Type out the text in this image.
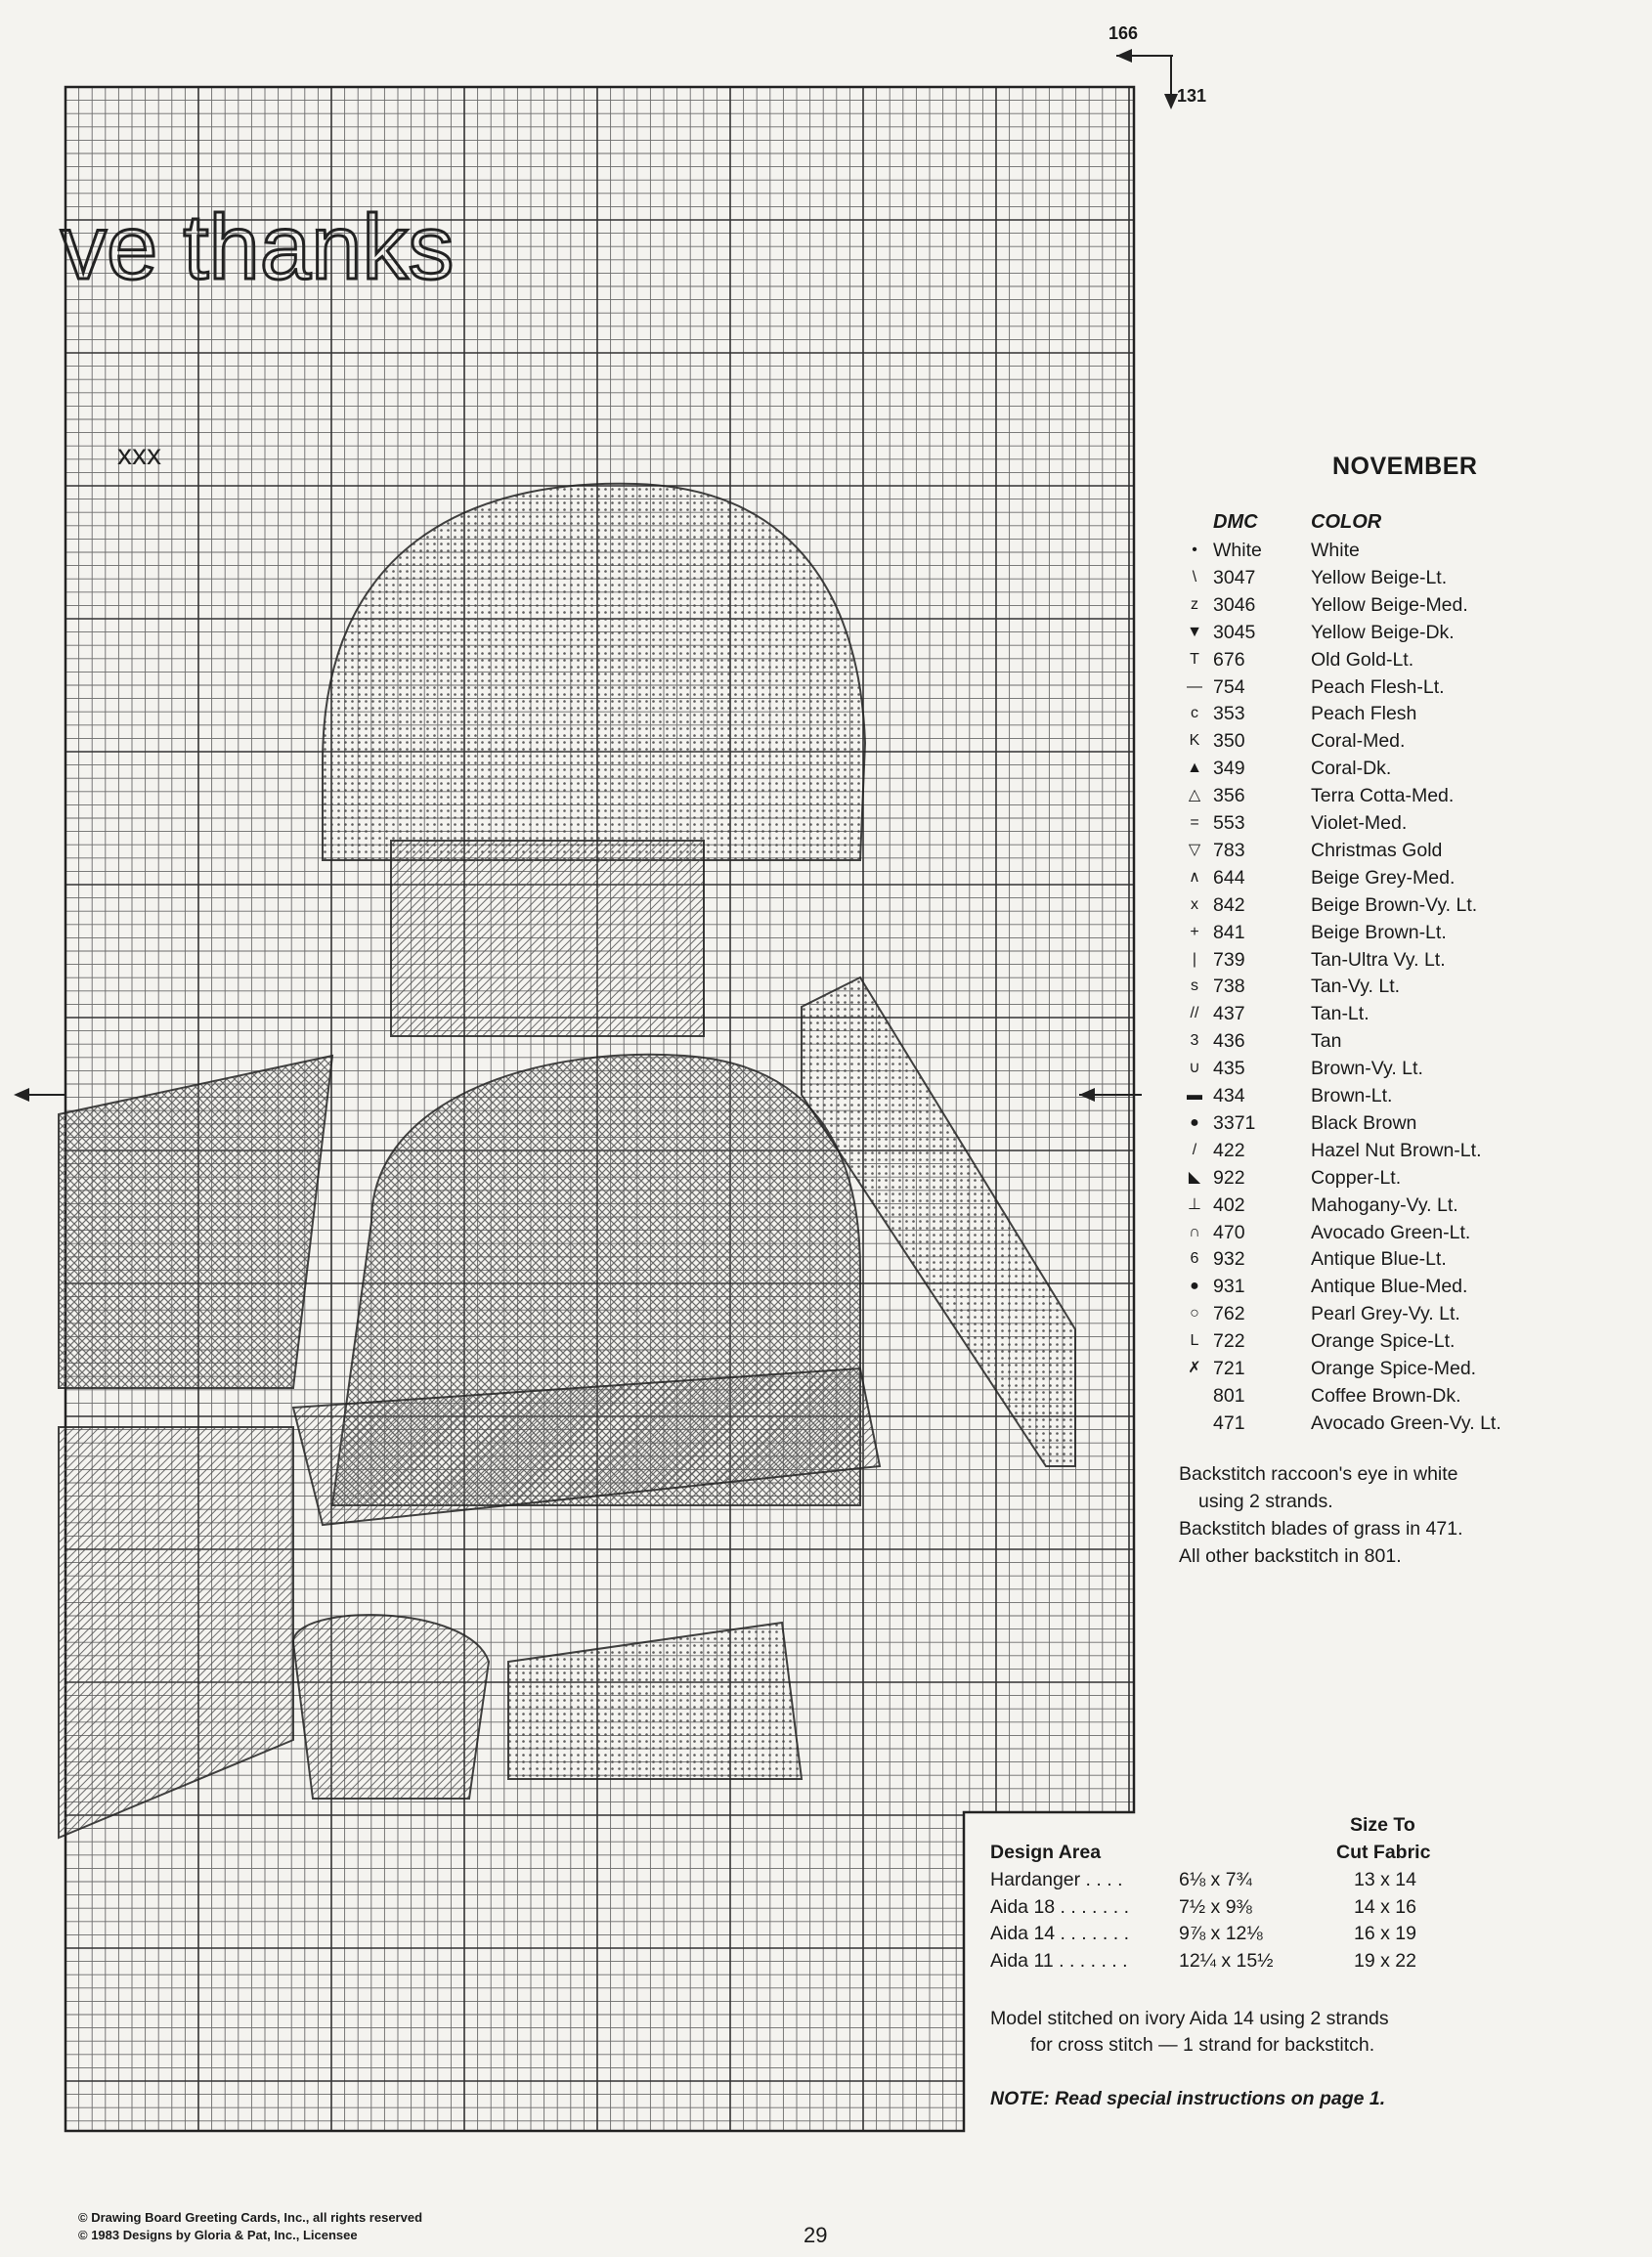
ve thanks
xxx
166
131
NOVEMBER
DMC	COLOR
• White	White
\ 3047	Yellow Beige-Lt.
z 3046	Yellow Beige-Med.
▼ 3045	Yellow Beige-Dk.
T 676	Old Gold-Lt.
— 754	Peach Flesh-Lt.
c 353	Peach Flesh
K 350	Coral-Med.
▲ 349	Coral-Dk.
△ 356	Terra Cotta-Med.
= 553	Violet-Med.
▽ 783	Christmas Gold
∧ 644	Beige Grey-Med.
x 842	Beige Brown-Vy. Lt.
+ 841	Beige Brown-Lt.
| 739	Tan-Ultra Vy. Lt.
s 738	Tan-Vy. Lt.
// 437	Tan-Lt.
3 436	Tan
∪ 435	Brown-Vy. Lt.
▬ 434	Brown-Lt.
● 3371	Black Brown
/ 422	Hazel Nut Brown-Lt.
◣ 922	Copper-Lt.
⊥ 402	Mahogany-Vy. Lt.
∩ 470	Avocado Green-Lt.
6 932	Antique Blue-Lt.
● 931	Antique Blue-Med.
○ 762	Pearl Grey-Vy. Lt.
L 722	Orange Spice-Lt.
✗ 721	Orange Spice-Med.
801	Coffee Brown-Dk.
471	Avocado Green-Vy. Lt.
Backstitch raccoon's eye in white
using 2 strands.
Backstitch blades of grass in 471.
All other backstitch in 801.
Size To
Design Area	Cut Fabric
Hardanger . . . .	6⅛ x 7¾	13 x 14
Aida 18 . . . . . . .	7½ x 9⅜	14 x 16
Aida 14 . . . . . . .	9⅞ x 12⅛	16 x 19
Aida 11 . . . . . . .	12¼ x 15½	19 x 22
Model stitched on ivory Aida 14 using 2 strands
for cross stitch — 1 strand for backstitch.
NOTE: Read special instructions on page 1.
© Drawing Board Greeting Cards, Inc., all rights reserved
© 1983 Designs by Gloria & Pat, Inc., Licensee	29
